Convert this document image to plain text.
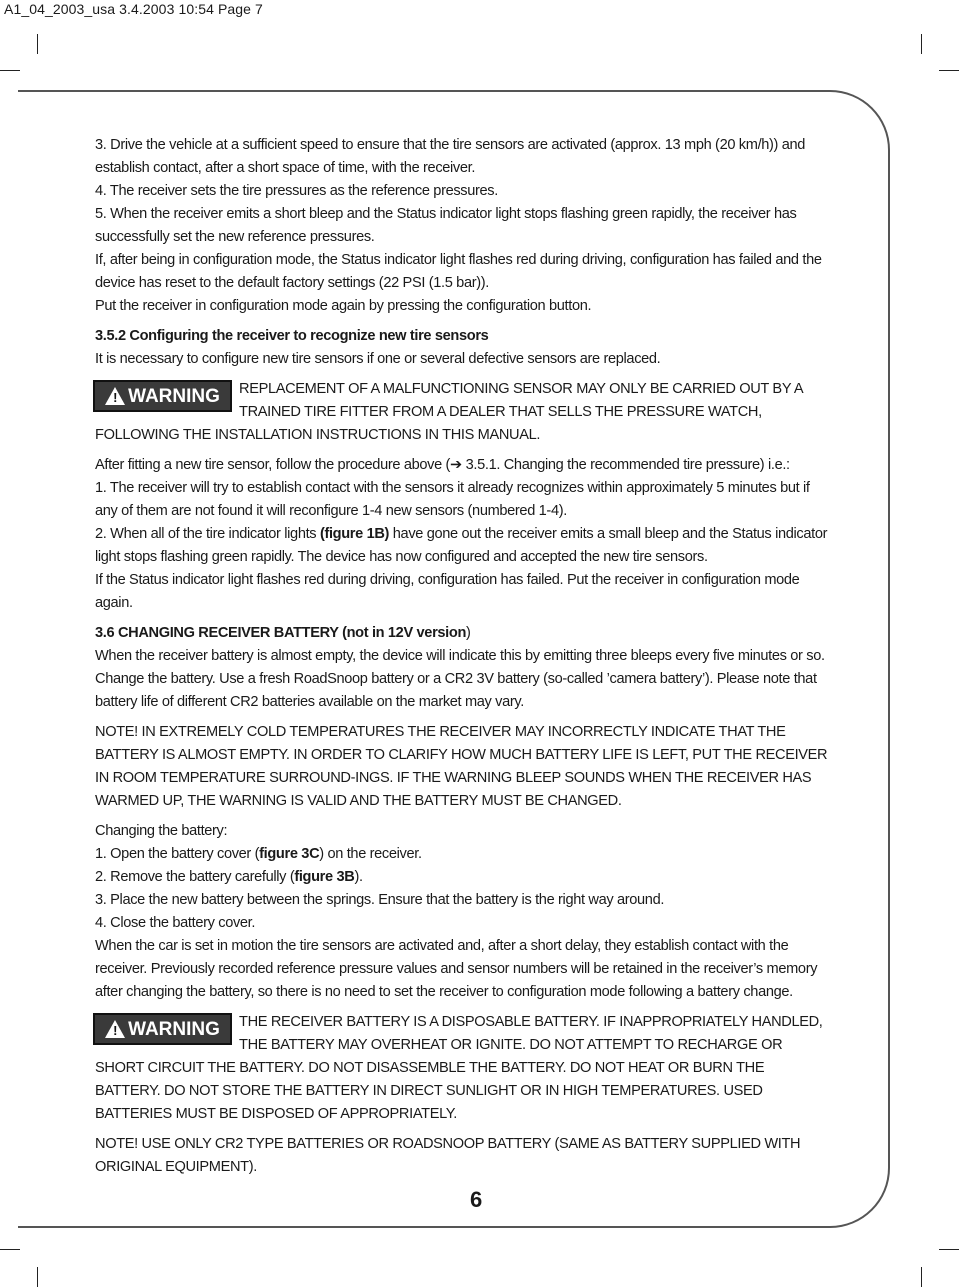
A1_04_2003_usa 3.4.2003 10:54 Page 7

3. Drive the vehicle at a sufficient speed to ensure that the tire sensors are activated (approx. 13 mph (20 km/h)) and establish contact, after a short space of time, with the receiver.

4. The receiver sets the tire pressures as the reference pressures.

5. When the receiver emits a short bleep and the Status indicator light stops flashing green rapidly, the receiver has successfully set the new reference pressures.

If, after being in configuration mode, the Status indicator light flashes red during driving, configuration has failed and the device has reset to the default factory settings (22 PSI (1.5 bar)).

Put the receiver in configuration mode again by pressing the configuration button.

3.5.2 Configuring the receiver to recognize new tire sensors

It is necessary to configure new tire sensors if one or several defective sensors are replaced.

! WARNING	REPLACEMENT OF A MALFUNCTIONING SENSOR MAY ONLY BE CARRIED OUT BY A TRAINED TIRE FITTER FROM A DEALER THAT SELLS THE PRESSURE WATCH, FOLLOWING THE INSTALLATION INSTRUCTIONS IN THIS MANUAL.

After fitting a new tire sensor, follow the procedure above (➔ 3.5.1. Changing the recommended tire pressure) i.e.:

1. The receiver will try to establish contact with the sensors it already recognizes within approximately 5 minutes but if any of them are not found it will reconfigure 1-4 new sensors (numbered 1-4).

2. When all of the tire indicator lights (figure 1B) have gone out the receiver emits a small bleep and the Status indicator light stops flashing green rapidly. The device has now configured and accepted the new tire sensors.

If the Status indicator light flashes red during driving, configuration has failed. Put the receiver in configuration mode again.

3.6 CHANGING RECEIVER BATTERY (not in 12V version)

When the receiver battery is almost empty, the device will indicate this by emitting three bleeps every five minutes or so.

Change the battery. Use a fresh RoadSnoop battery or a CR2 3V battery (so-called ’camera battery’). Please note that battery life of different CR2 batteries available on the market may vary.

NOTE! IN EXTREMELY COLD TEMPERATURES THE RECEIVER MAY INCORRECTLY INDICATE THAT THE BATTERY IS ALMOST EMPTY. IN ORDER TO CLARIFY HOW MUCH BATTERY LIFE IS LEFT, PUT THE RECEIVER IN ROOM TEMPERATURE SURROUND-INGS. IF THE WARNING BLEEP SOUNDS WHEN THE RECEIVER HAS WARMED UP, THE WARNING IS VALID AND THE BATTERY MUST BE CHANGED.

Changing the battery:

1. Open the battery cover (figure 3C) on the receiver.

2. Remove the battery carefully (figure 3B).

3. Place the new battery between the springs. Ensure that the battery is the right way around.

4. Close the battery cover.

When the car is set in motion the tire sensors are activated and, after a short delay, they establish contact with the receiver. Previously recorded reference pressure values and sensor numbers will be retained in the receiver’s memory after changing the battery, so there is no need to set the receiver to configuration mode following a battery change.

! WARNING	THE RECEIVER BATTERY IS A DISPOSABLE BATTERY. IF INAPPROPRIATELY HANDLED, THE BATTERY MAY OVERHEAT OR IGNITE. DO NOT ATTEMPT TO RECHARGE OR SHORT CIRCUIT THE BATTERY. DO NOT DISASSEMBLE THE BATTERY. DO NOT HEAT OR BURN THE BATTERY. DO NOT STORE THE BATTERY IN DIRECT SUNLIGHT OR IN HIGH TEMPERATURES. USED BATTERIES MUST BE DISPOSED OF APPROPRIATELY.

NOTE! USE ONLY CR2 TYPE BATTERIES OR ROADSNOOP BATTERY (SAME AS BATTERY SUPPLIED WITH ORIGINAL EQUIPMENT).

6
